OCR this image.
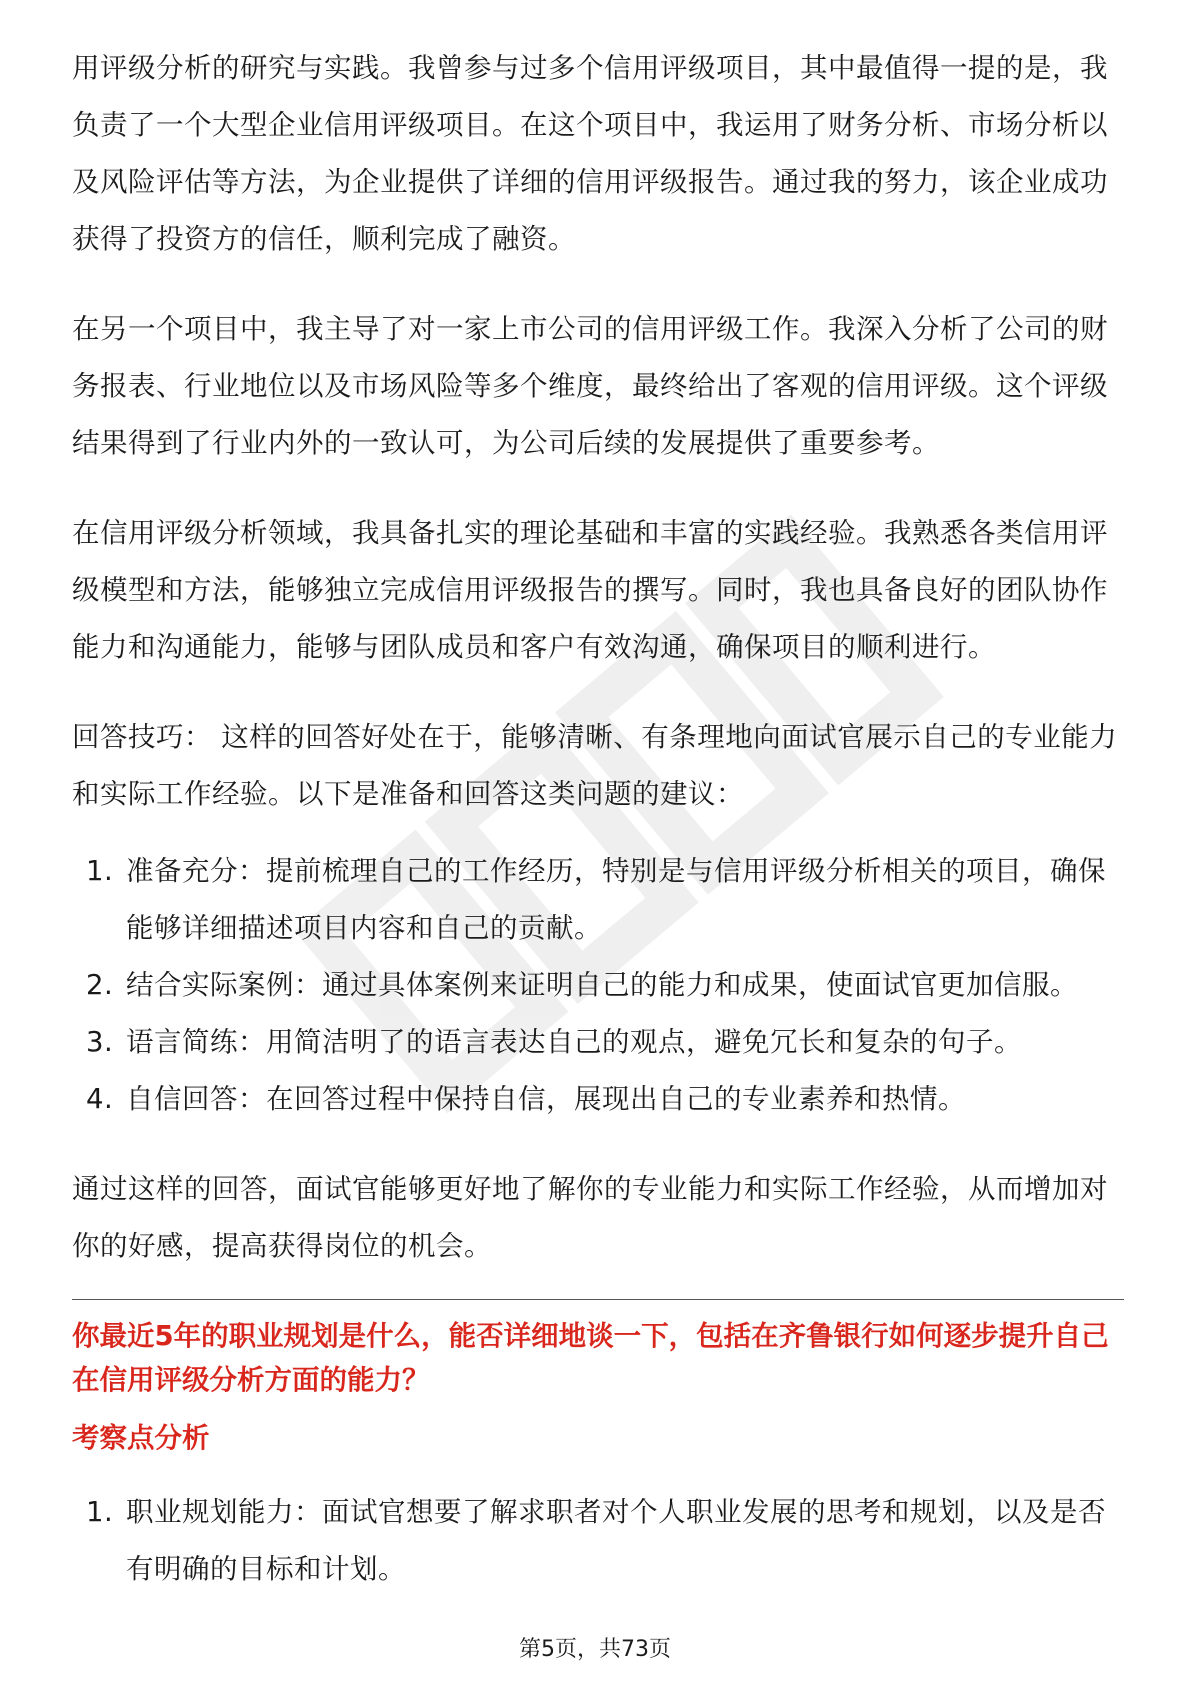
用评级分析的研究与实践。我曾参与过多个信用评级项目，其中最值得一提的是，我负责了一个大型企业信用评级项目。在这个项目中，我运用了财务分析、市场分析以及风险评估等方法，为企业提供了详细的信用评级报告。通过我的努力，该企业成功获得了投资方的信任，顺利完成了融资。

在另一个项目中，我主导了对一家上市公司的信用评级工作。我深入分析了公司的财务报表、行业地位以及市场风险等多个维度，最终给出了客观的信用评级。这个评级结果得到了行业内外的一致认可，为公司后续的发展提供了重要参考。

在信用评级分析领域，我具备扎实的理论基础和丰富的实践经验。我熟悉各类信用评级模型和方法，能够独立完成信用评级报告的撰写。同时，我也具备良好的团队协作能力和沟通能力，能够与团队成员和客户有效沟通，确保项目的顺利进行。

回答技巧： 这样的回答好处在于，能够清晰、有条理地向面试官展示自己的专业能力和实际工作经验。以下是准备和回答这类问题的建议：

1. 准备充分：提前梳理自己的工作经历，特别是与信用评级分析相关的项目，确保能够详细描述项目内容和自己的贡献。
2. 结合实际案例：通过具体案例来证明自己的能力和成果，使面试官更加信服。
3. 语言简练：用简洁明了的语言表达自己的观点，避免冗长和复杂的句子。
4. 自信回答：在回答过程中保持自信，展现出自己的专业素养和热情。

通过这样的回答，面试官能够更好地了解你的专业能力和实际工作经验，从而增加对你的好感，提高获得岗位的机会。

你最近5年的职业规划是什么，能否详细地谈一下，包括在齐鲁银行如何逐步提升自己在信用评级分析方面的能力？
考察点分析
1. 职业规划能力：面试官想要了解求职者对个人职业发展的思考和规划，以及是否有明确的目标和计划。
第5页，共73页
